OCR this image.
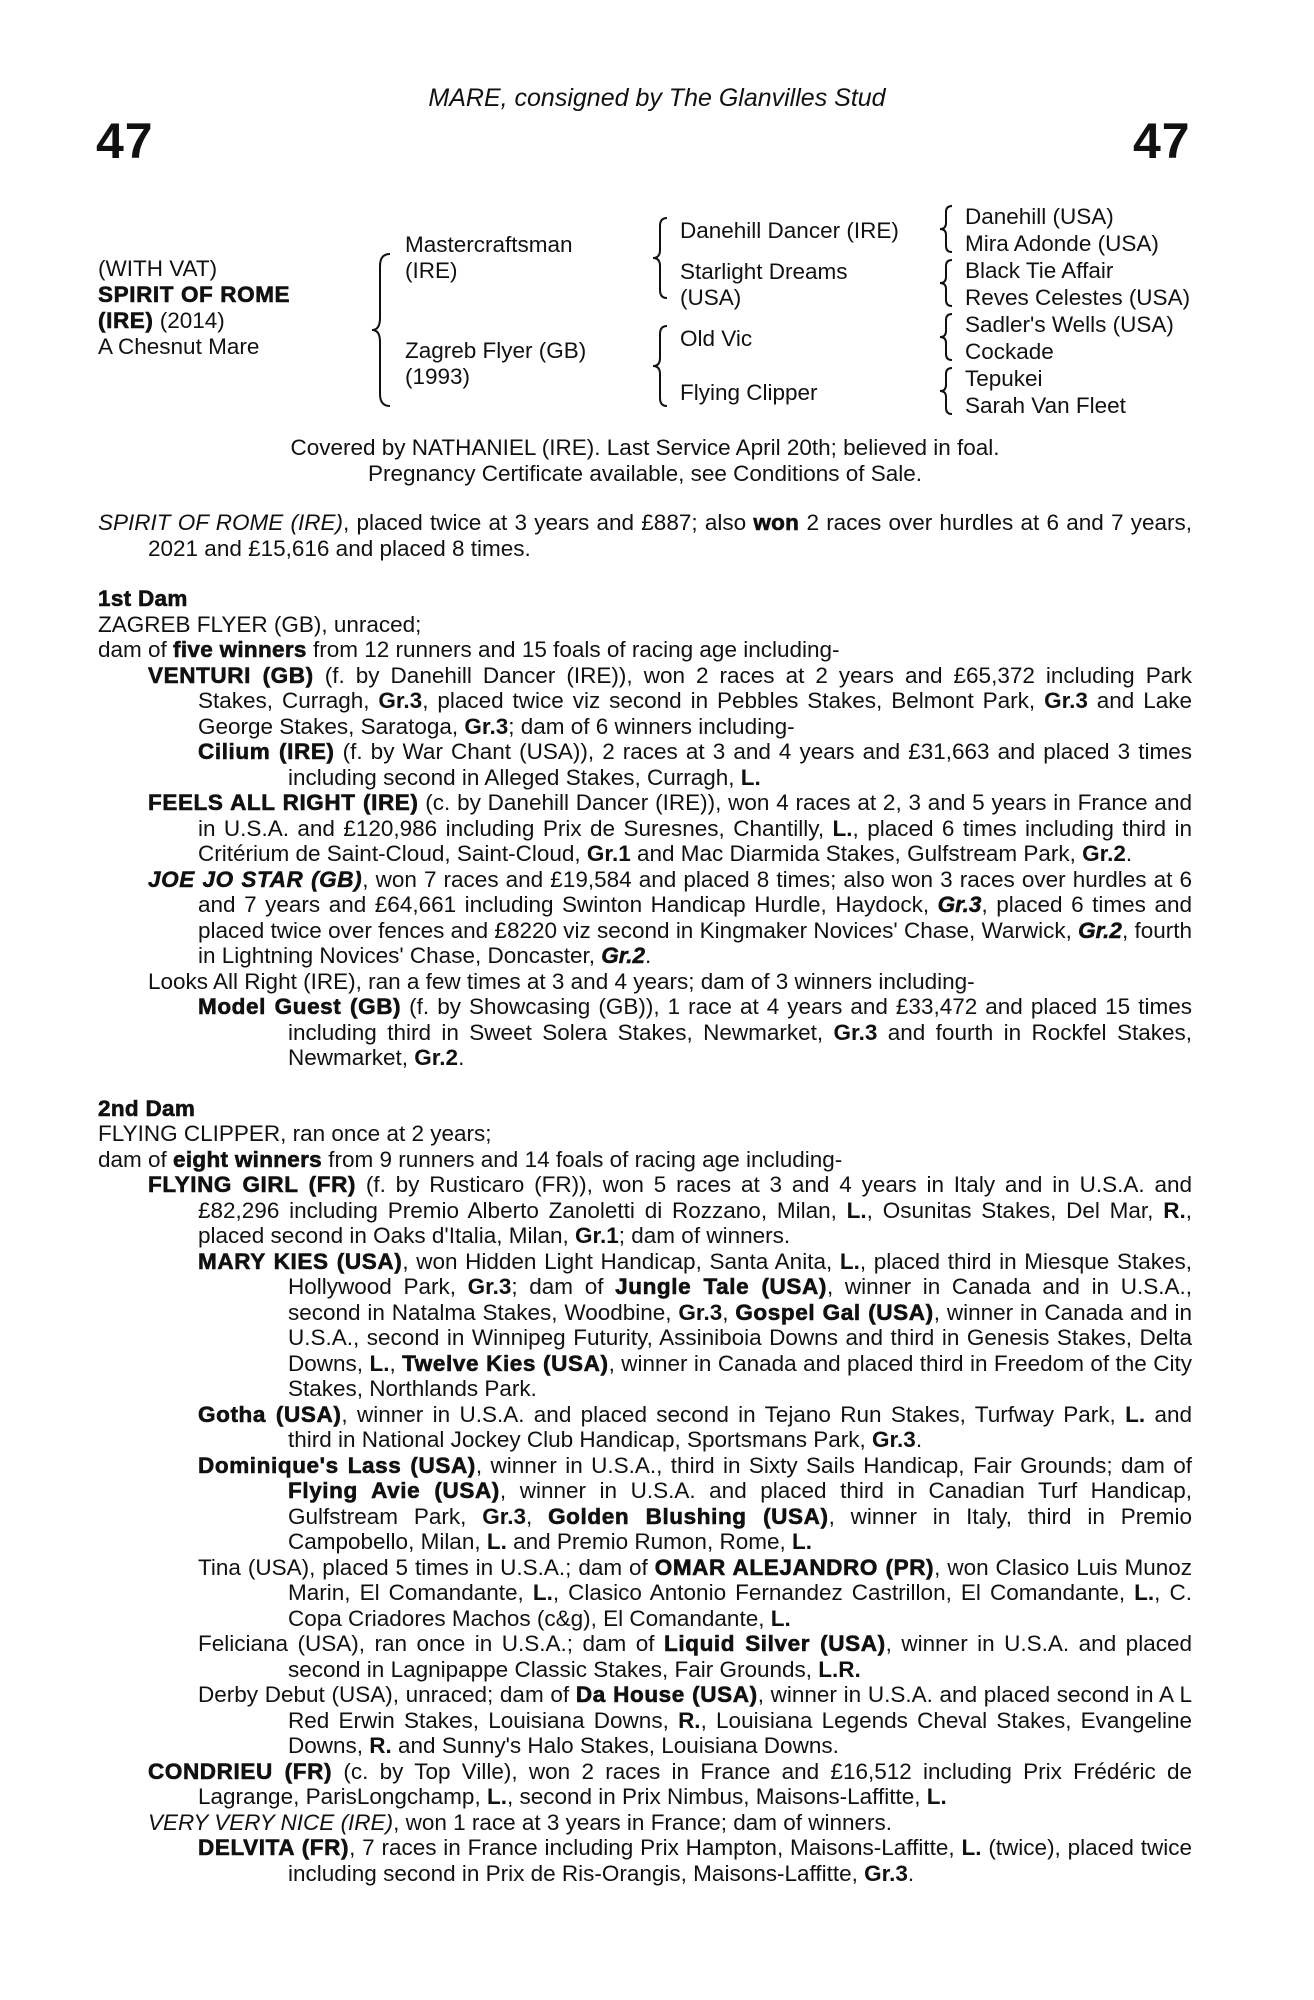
MARE, consigned by The Glanvilles Stud
47	47
(WITH VAT)
SPIRIT OF ROME
(IRE) (2014)
A Chesnut Mare
Mastercraftsman
(IRE)
Zagreb Flyer (GB)
(1993)
Danehill Dancer (IRE)
Starlight Dreams
(USA)
Old Vic
Flying Clipper
Danehill (USA)
Mira Adonde (USA)
Black Tie Affair
Reves Celestes (USA)
Sadler's Wells (USA)
Cockade
Tepukei
Sarah Van Fleet
Covered by NATHANIEL (IRE). Last Service April 20th; believed in foal.
Pregnancy Certificate available, see Conditions of Sale.
SPIRIT OF ROME (IRE), placed twice at 3 years and £887; also won 2 races over hurdles at 6 and 7 years, 2021 and £15,616 and placed 8 times.
1st Dam
ZAGREB FLYER (GB), unraced;
dam of five winners from 12 runners and 15 foals of racing age including-
VENTURI (GB) (f. by Danehill Dancer (IRE)), won 2 races at 2 years and £65,372 including Park Stakes, Curragh, Gr.3, placed twice viz second in Pebbles Stakes, Belmont Park, Gr.3 and Lake George Stakes, Saratoga, Gr.3; dam of 6 winners including-
Cilium (IRE) (f. by War Chant (USA)), 2 races at 3 and 4 years and £31,663 and placed 3 times including second in Alleged Stakes, Curragh, L.
FEELS ALL RIGHT (IRE) (c. by Danehill Dancer (IRE)), won 4 races at 2, 3 and 5 years in France and in U.S.A. and £120,986 including Prix de Suresnes, Chantilly, L., placed 6 times including third in Critérium de Saint-Cloud, Saint-Cloud, Gr.1 and Mac Diarmida Stakes, Gulfstream Park, Gr.2.
JOE JO STAR (GB), won 7 races and £19,584 and placed 8 times; also won 3 races over hurdles at 6 and 7 years and £64,661 including Swinton Handicap Hurdle, Haydock, Gr.3, placed 6 times and placed twice over fences and £8220 viz second in Kingmaker Novices' Chase, Warwick, Gr.2, fourth in Lightning Novices' Chase, Doncaster, Gr.2.
Looks All Right (IRE), ran a few times at 3 and 4 years; dam of 3 winners including-
Model Guest (GB) (f. by Showcasing (GB)), 1 race at 4 years and £33,472 and placed 15 times including third in Sweet Solera Stakes, Newmarket, Gr.3 and fourth in Rockfel Stakes, Newmarket, Gr.2.
2nd Dam
FLYING CLIPPER, ran once at 2 years;
dam of eight winners from 9 runners and 14 foals of racing age including-
FLYING GIRL (FR) (f. by Rusticaro (FR)), won 5 races at 3 and 4 years in Italy and in U.S.A. and £82,296 including Premio Alberto Zanoletti di Rozzano, Milan, L., Osunitas Stakes, Del Mar, R., placed second in Oaks d'Italia, Milan, Gr.1; dam of winners.
MARY KIES (USA), won Hidden Light Handicap, Santa Anita, L., placed third in Miesque Stakes, Hollywood Park, Gr.3; dam of Jungle Tale (USA), winner in Canada and in U.S.A., second in Natalma Stakes, Woodbine, Gr.3, Gospel Gal (USA), winner in Canada and in U.S.A., second in Winnipeg Futurity, Assiniboia Downs and third in Genesis Stakes, Delta Downs, L., Twelve Kies (USA), winner in Canada and placed third in Freedom of the City Stakes, Northlands Park.
Gotha (USA), winner in U.S.A. and placed second in Tejano Run Stakes, Turfway Park, L. and third in National Jockey Club Handicap, Sportsmans Park, Gr.3.
Dominique's Lass (USA), winner in U.S.A., third in Sixty Sails Handicap, Fair Grounds; dam of Flying Avie (USA), winner in U.S.A. and placed third in Canadian Turf Handicap, Gulfstream Park, Gr.3, Golden Blushing (USA), winner in Italy, third in Premio Campobello, Milan, L. and Premio Rumon, Rome, L.
Tina (USA), placed 5 times in U.S.A.; dam of OMAR ALEJANDRO (PR), won Clasico Luis Munoz Marin, El Comandante, L., Clasico Antonio Fernandez Castrillon, El Comandante, L., C. Copa Criadores Machos (c&g), El Comandante, L.
Feliciana (USA), ran once in U.S.A.; dam of Liquid Silver (USA), winner in U.S.A. and placed second in Lagnipappe Classic Stakes, Fair Grounds, L.R.
Derby Debut (USA), unraced; dam of Da House (USA), winner in U.S.A. and placed second in A L Red Erwin Stakes, Louisiana Downs, R., Louisiana Legends Cheval Stakes, Evangeline Downs, R. and Sunny's Halo Stakes, Louisiana Downs.
CONDRIEU (FR) (c. by Top Ville), won 2 races in France and £16,512 including Prix Frédéric de Lagrange, ParisLongchamp, L., second in Prix Nimbus, Maisons-Laffitte, L.
VERY VERY NICE (IRE), won 1 race at 3 years in France; dam of winners.
DELVITA (FR), 7 races in France including Prix Hampton, Maisons-Laffitte, L. (twice), placed twice including second in Prix de Ris-Orangis, Maisons-Laffitte, Gr.3.
